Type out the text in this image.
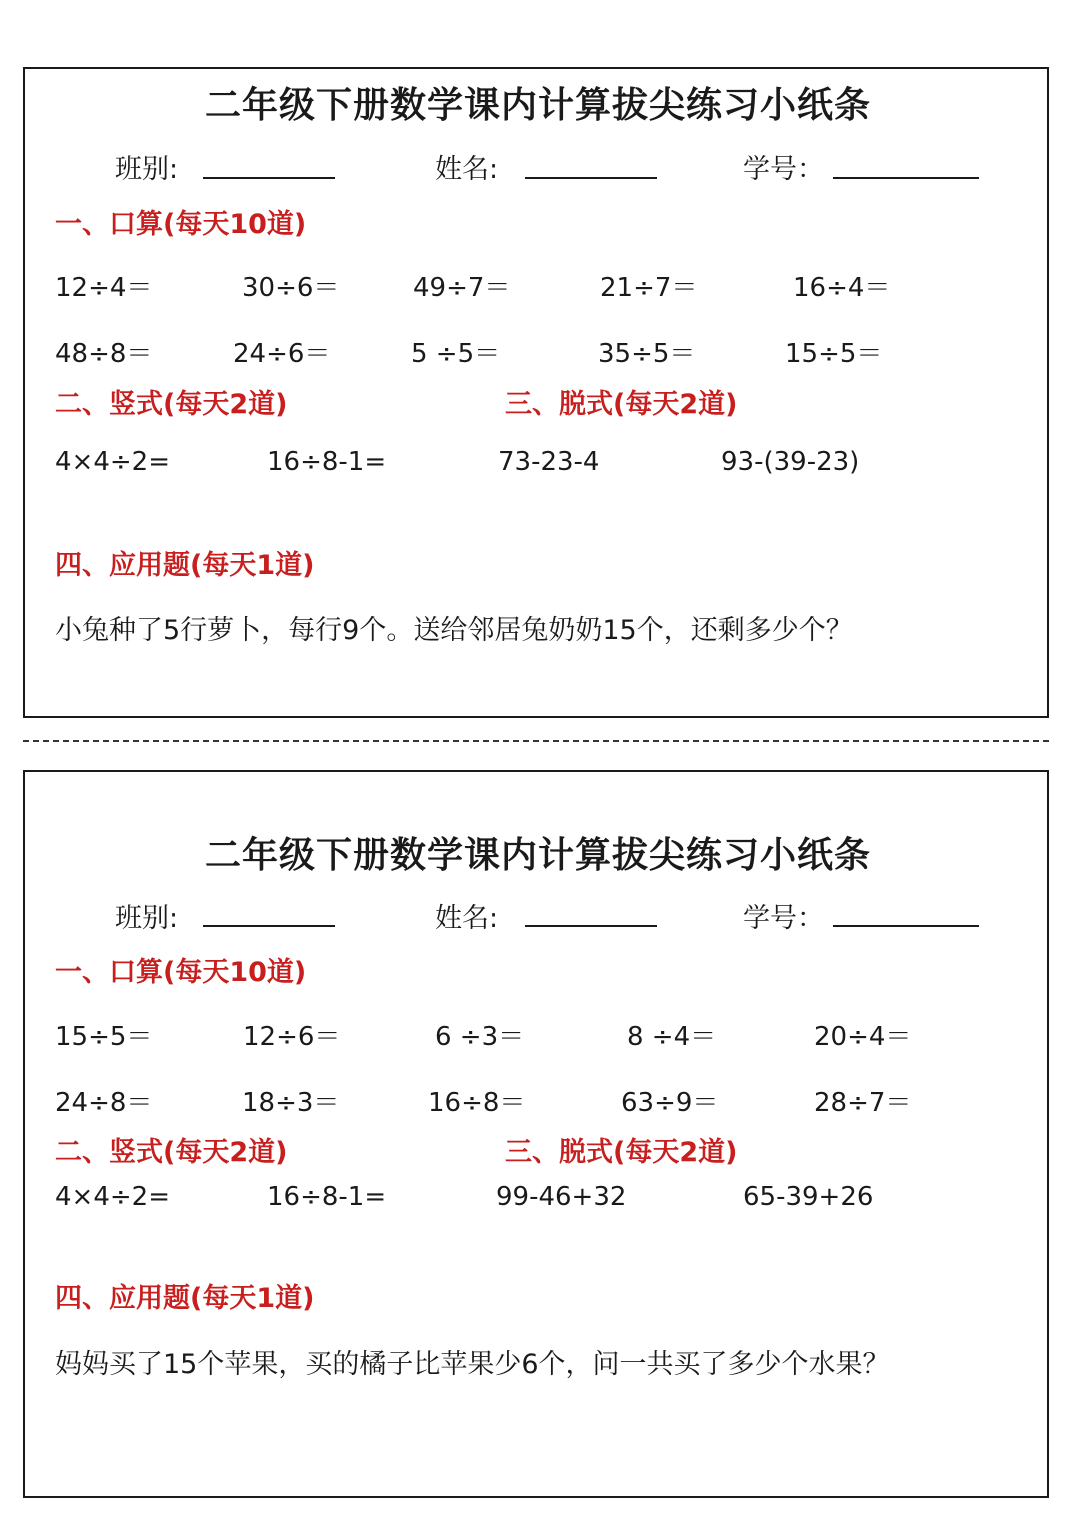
二年级下册数学课内计算拔尖练习小纸条
班别:	姓名:	学号：
一、口算(每天10道)
12÷4＝	30÷6＝	49÷7＝	21÷7＝	16÷4＝
48÷8＝	24÷6＝	5 ÷5＝	35÷5＝	15÷5＝
二、竖式(每天2道)	三、脱式(每天2道)
4×4÷2=	16÷8-1=	73-23-4	93-(39-23)
四、应用题(每天1道)
小兔种了5行萝卜，每行9个。送给邻居兔奶奶15个，还剩多少个？
二年级下册数学课内计算拔尖练习小纸条
班别:	姓名:	学号：
一、口算(每天10道)
15÷5＝	12÷6＝	6 ÷3＝	8 ÷4＝	20÷4＝
24÷8＝	18÷3＝	16÷8＝	63÷9＝	28÷7＝
二、竖式(每天2道)	三、脱式(每天2道)
4×4÷2=	16÷8-1=	99-46+32	65-39+26
四、应用题(每天1道)
妈妈买了15个苹果，买的橘子比苹果少6个，问一共买了多少个水果？
